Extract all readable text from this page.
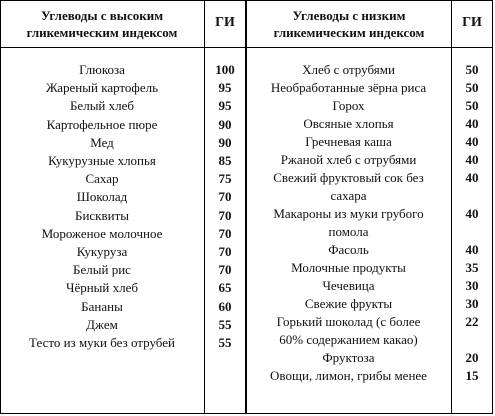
Углеводы с высоким
гликемическим индексом
ГИ	Углеводы с низким
гликемическим индексом
ГИ
Глюкоза	100
Жареный картофель	95
Белый хлеб	95
Картофельное пюре	90
Мед	90
Кукурузные хлопья	85
Сахар	75
Шоколад	70
Бисквиты	70
Мороженое молочное	70
Кукуруза	70
Белый рис	70
Чёрный хлеб	65
Бананы	60
Джем	55
Тесто из муки без отрубей	55
Хлеб с отрубями	50
Необработанные зёрна риса	50
Горох	50
Овсяные хлопья	40
Гречневая каша	40
Ржаной хлеб с отрубями	40
Свежий фруктовый сок без
сахара
40
Макароны из муки грубого
помола
40
Фасоль	40
Молочные продукты	35
Чечевица	30
Свежие фрукты	30
Горький шоколад (с более
60% содержанием какао)
22
Фруктоза	20
Овощи, лимон, грибы менее	15
